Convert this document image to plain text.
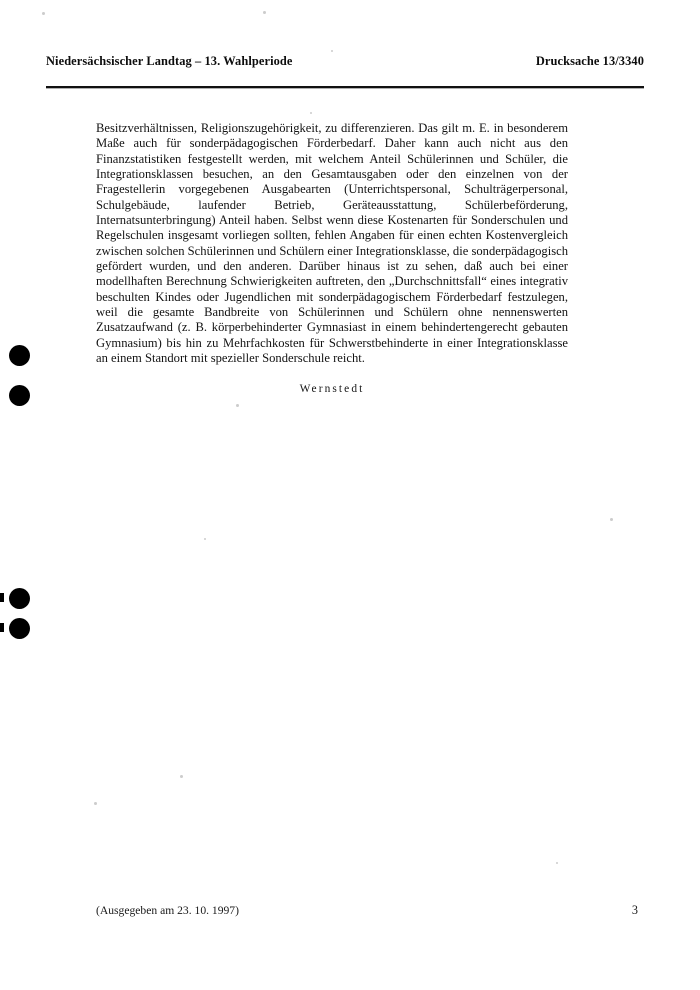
Niedersächsischer Landtag – 13. Wahlperiode	Drucksache 13/3340
Besitzverhältnissen, Religionszugehörigkeit, zu differenzieren. Das gilt m. E. in besonderem Maße auch für sonderpädagogischen Förderbedarf. Daher kann auch nicht aus den Finanzstatistiken festgestellt werden, mit welchem Anteil Schülerinnen und Schüler, die Integrationsklassen besuchen, an den Gesamtausgaben oder den einzelnen von der Fragestellerin vorgegebenen Ausgabearten (Unterrichtspersonal, Schulträgerpersonal, Schulgebäude, laufender Betrieb, Geräteausstattung, Schülerbeförderung, Internatsunterbringung) Anteil haben. Selbst wenn diese Kostenarten für Sonderschulen und Regelschulen insgesamt vorliegen sollten, fehlen Angaben für einen echten Kostenvergleich zwischen solchen Schülerinnen und Schülern einer Integrationsklasse, die sonderpädagogisch gefördert wurden, und den anderen. Darüber hinaus ist zu sehen, daß auch bei einer modellhaften Berechnung Schwierigkeiten auftreten, den „Durchschnittsfall“ eines integrativ beschulten Kindes oder Jugendlichen mit sonderpädagogischem Förderbedarf festzulegen, weil die gesamte Bandbreite von Schülerinnen und Schülern ohne nennenswerten Zusatzaufwand (z. B. körperbehinderter Gymnasiast in einem behindertengerecht gebauten Gymnasium) bis hin zu Mehrfachkosten für Schwerstbehinderte in einer Integrationsklasse an einem Standort mit spezieller Sonderschule reicht.
Wernstedt
(Ausgegeben am 23. 10. 1997)	3
